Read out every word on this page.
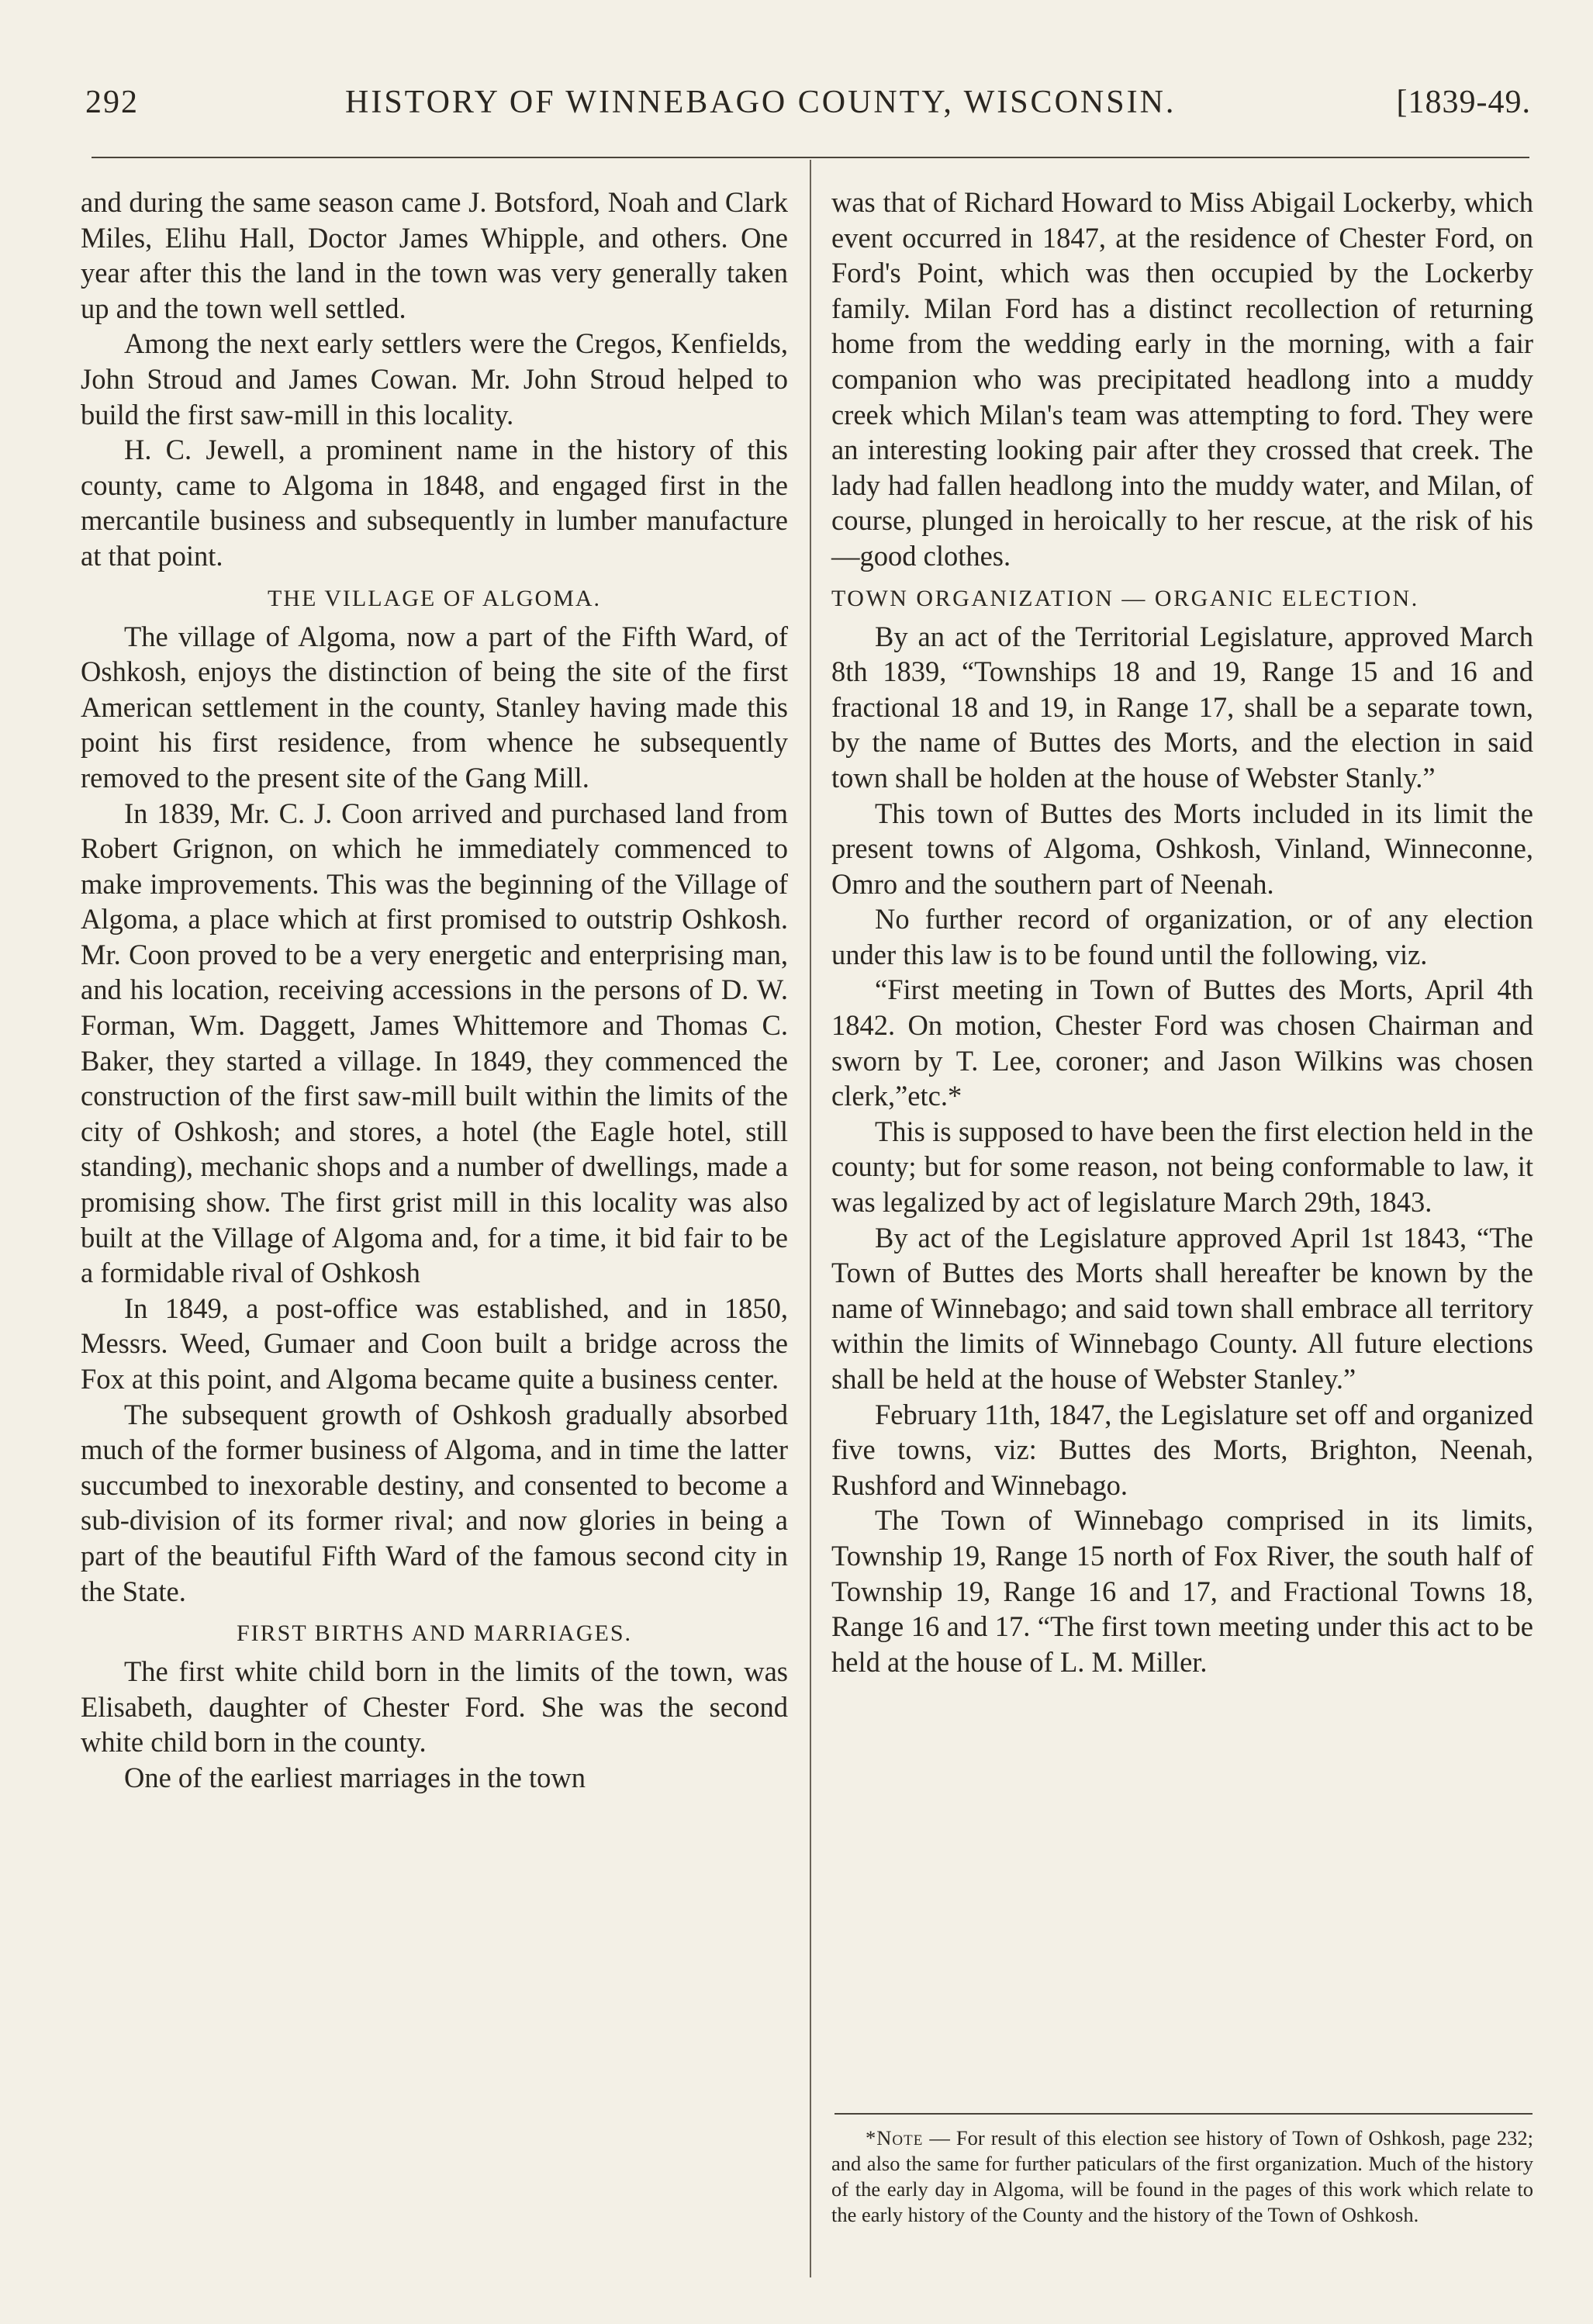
292	HISTORY OF WINNEBAGO COUNTY, WISCONSIN.	[1839-49.

and during the same season came J. Botsford, Noah and Clark Miles, Elihu Hall, Doctor James Whipple, and others. One year after this the land in the town was very generally taken up and the town well settled.

Among the next early settlers were the Cregos, Kenfields, John Stroud and James Cowan. Mr. John Stroud helped to build the first saw-mill in this locality.

H. C. Jewell, a prominent name in the history of this county, came to Algoma in 1848, and engaged first in the mercantile business and subsequently in lumber manufacture at that point.

THE VILLAGE OF ALGOMA.

The village of Algoma, now a part of the Fifth Ward, of Oshkosh, enjoys the distinction of being the site of the first American settlement in the county, Stanley having made this point his first residence, from whence he subsequently removed to the present site of the Gang Mill.

In 1839, Mr. C. J. Coon arrived and purchased land from Robert Grignon, on which he immediately commenced to make improvements. This was the beginning of the Village of Algoma, a place which at first promised to outstrip Oshkosh. Mr. Coon proved to be a very energetic and enterprising man, and his location, receiving accessions in the persons of D. W. Forman, Wm. Daggett, James Whittemore and Thomas C. Baker, they started a village. In 1849, they commenced the construction of the first saw-mill built within the limits of the city of Oshkosh; and stores, a hotel (the Eagle hotel, still standing), mechanic shops and a number of dwellings, made a promising show. The first grist mill in this locality was also built at the Village of Algoma and, for a time, it bid fair to be a formidable rival of Oshkosh

In 1849, a post-office was established, and in 1850, Messrs. Weed, Gumaer and Coon built a bridge across the Fox at this point, and Algoma became quite a business center.

The subsequent growth of Oshkosh gradually absorbed much of the former business of Algoma, and in time the latter succumbed to inexorable destiny, and consented to become a sub-division of its former rival; and now glories in being a part of the beautiful Fifth Ward of the famous second city in the State.

FIRST BIRTHS AND MARRIAGES.

The first white child born in the limits of the town, was Elisabeth, daughter of Chester Ford. She was the second white child born in the county.

One of the earliest marriages in the town

was that of Richard Howard to Miss Abigail Lockerby, which event occurred in 1847, at the residence of Chester Ford, on Ford's Point, which was then occupied by the Lockerby family. Milan Ford has a distinct recollection of returning home from the wedding early in the morning, with a fair companion who was precipitated headlong into a muddy creek which Milan's team was attempting to ford. They were an interesting looking pair after they crossed that creek. The lady had fallen headlong into the muddy water, and Milan, of course, plunged in heroically to her rescue, at the risk of his—good clothes.

TOWN ORGANIZATION — ORGANIC ELECTION.

By an act of the Territorial Legislature, approved March 8th 1839, “Townships 18 and 19, Range 15 and 16 and fractional 18 and 19, in Range 17, shall be a separate town, by the name of Buttes des Morts, and the election in said town shall be holden at the house of Webster Stanly.”

This town of Buttes des Morts included in its limit the present towns of Algoma, Oshkosh, Vinland, Winneconne, Omro and the southern part of Neenah.

No further record of organization, or of any election under this law is to be found until the following, viz.

“First meeting in Town of Buttes des Morts, April 4th 1842. On motion, Chester Ford was chosen Chairman and sworn by T. Lee, coroner; and Jason Wilkins was chosen clerk,”etc.*

This is supposed to have been the first election held in the county; but for some reason, not being conformable to law, it was legalized by act of legislature March 29th, 1843.

By act of the Legislature approved April 1st 1843, “The Town of Buttes des Morts shall hereafter be known by the name of Winnebago; and said town shall embrace all territory within the limits of Winnebago County. All future elections shall be held at the house of Webster Stanley.”

February 11th, 1847, the Legislature set off and organized five towns, viz: Buttes des Morts, Brighton, Neenah, Rushford and Winnebago.

The Town of Winnebago comprised in its limits, Township 19, Range 15 north of Fox River, the south half of Township 19, Range 16 and 17, and Fractional Towns 18, Range 16 and 17. “The first town meeting under this act to be held at the house of L. M. Miller.

*Note — For result of this election see history of Town of Oshkosh, page 232; and also the same for further paticulars of the first organization. Much of the history of the early day in Algoma, will be found in the pages of this work which relate to the early history of the County and the history of the Town of Oshkosh.
